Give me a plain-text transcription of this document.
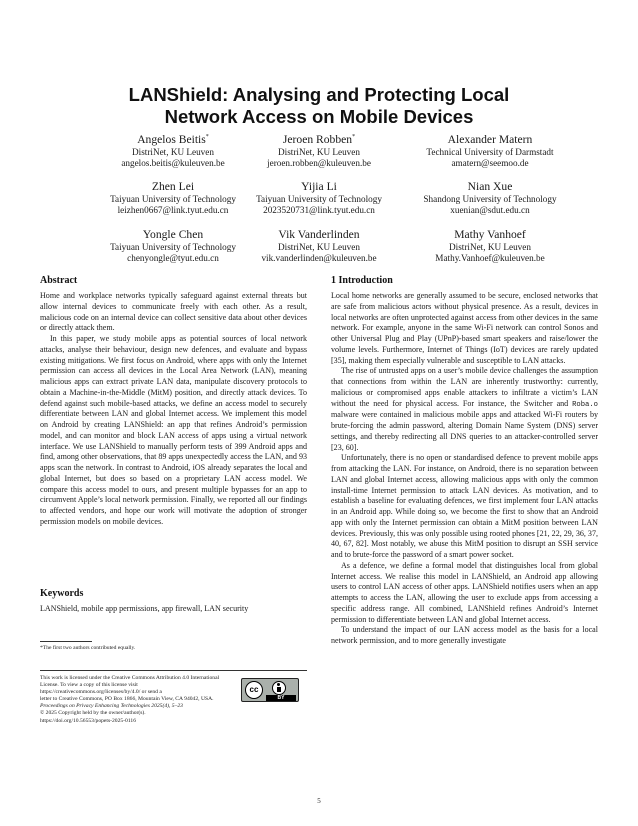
LANShield: Analysing and Protecting Local
Network Access on Mobile Devices
Angelos Beitis*
DistriNet, KU Leuven
angelos.beitis@kuleuven.be
Jeroen Robben*
DistriNet, KU Leuven
jeroen.robben@kuleuven.be
Alexander Matern
Technical University of Darmstadt
amatern@seemoo.de
Zhen Lei
Taiyuan University of Technology
leizhen0667@link.tyut.edu.cn
Yijia Li
Taiyuan University of Technology
2023520731@link.tyut.edu.cn
Nian Xue
Shandong University of Technology
xuenian@sdut.edu.cn
Yongle Chen
Taiyuan University of Technology
chenyongle@tyut.edu.cn
Vik Vanderlinden
DistriNet, KU Leuven
vik.vanderlinden@kuleuven.be
Mathy Vanhoef
DistriNet, KU Leuven
Mathy.Vanhoef@kuleuven.be
Abstract

Home and workplace networks typically safeguard against external threats but allow internal devices to communicate freely with each other. As a result, malicious code on an internal device can collect sensitive data about other devices or directly attack them.

In this paper, we study mobile apps as potential sources of local network attacks, analyse their behaviour, design new defences, and evaluate and bypass existing mitigations. We first focus on Android, where apps with only the Internet permission can access all devices in the Local Area Network (LAN), meaning malicious apps can extract private LAN data, manipulate discovery protocols to obtain a Machine-in-the-Middle (MitM) position, and directly attack devices. To defend against such mobile-based attacks, we define an access model to securely differentiate between LAN and global Internet access. We implement this model on Android by creating LANShield: an app that refines Android’s permission model, and can monitor and block LAN access of apps using a virtual network interface. We use LANShield to manually perform tests of 399 Android apps and find, among other observations, that 89 apps unexpectedly access the LAN, and 93 apps scan the network. In contrast to Android, iOS already separates the local and global Internet, but does so based on a proprietary LAN access model. We compare this access model to ours, and present multiple bypasses for an app to circumvent Apple’s local network permission. Finally, we reported all our findings to affected vendors, and hope our work will motivate the adoption of stronger permission models on mobile devices.

Keywords
LANShield, mobile app permissions, app firewall, LAN security
*The first two authors contributed equally.
This work is licensed under the Creative Commons Attribution 4.0 International License. To view a copy of this license visit https://creativecommons.org/licenses/by/4.0/ or send a
letter to Creative Commons, PO Box 1866, Mountain View, CA 94042, USA.
Proceedings on Privacy Enhancing Technologies 2025(4), 5–23
© 2025 Copyright held by the owner/author(s).
https://doi.org/10.56553/popets-2025-0116
cc
BY
1 Introduction

Local home networks are generally assumed to be secure, enclosed networks that are safe from malicious actors without physical presence. As a result, devices in local networks are often unprotected against access from other devices in the same network. For example, anyone in the same Wi-Fi network can control Sonos and other Universal Plug and Play (UPnP)-based smart speakers and raise/lower the volume levels. Furthermore, Internet of Things (IoT) devices are rarely updated [35], making them especially vulnerable and susceptible to LAN attacks.

The rise of untrusted apps on a user’s mobile device challenges the assumption that connections from within the LAN are inherently trustworthy: currently, malicious or compromised apps enable attackers to infiltrate a victim’s LAN without the need for physical access. For instance, the Switcher and Roba.o malware were contained in malicious mobile apps and attacked Wi-Fi routers by brute-forcing the admin password, altering Domain Name System (DNS) server settings, and thereby redirecting all DNS queries to an attacker-controlled server [23, 60].

Unfortunately, there is no open or standardised defence to prevent mobile apps from attacking the LAN. For instance, on Android, there is no separation between LAN and global Internet access, allowing malicious apps with only the common install-time Internet permission to attack LAN devices. As motivation, and to establish a baseline for evaluating defences, we first implement four LAN attacks in an Android app. While doing so, we become the first to show that an Android app with only the Internet permission can obtain a MitM position between LAN devices. Previously, this was only possible using rooted phones [21, 22, 29, 36, 37, 40, 67, 82]. Most notably, we abuse this MitM position to disrupt an SSH service and to brute-force the password of a smart power socket.

As a defence, we define a formal model that distinguishes local from global Internet access. We realise this model in LANShield, an Android app allowing users to control LAN access of other apps. LANShield notifies users when an app attempts to access the LAN, allowing the user to exclude apps from accessing a specific address range. All combined, LANShield refines Android’s Internet permission to differentiate between LAN and global Internet access.

To understand the impact of our LAN access model as the basis for a local network permission, and to more generally investigate

5
